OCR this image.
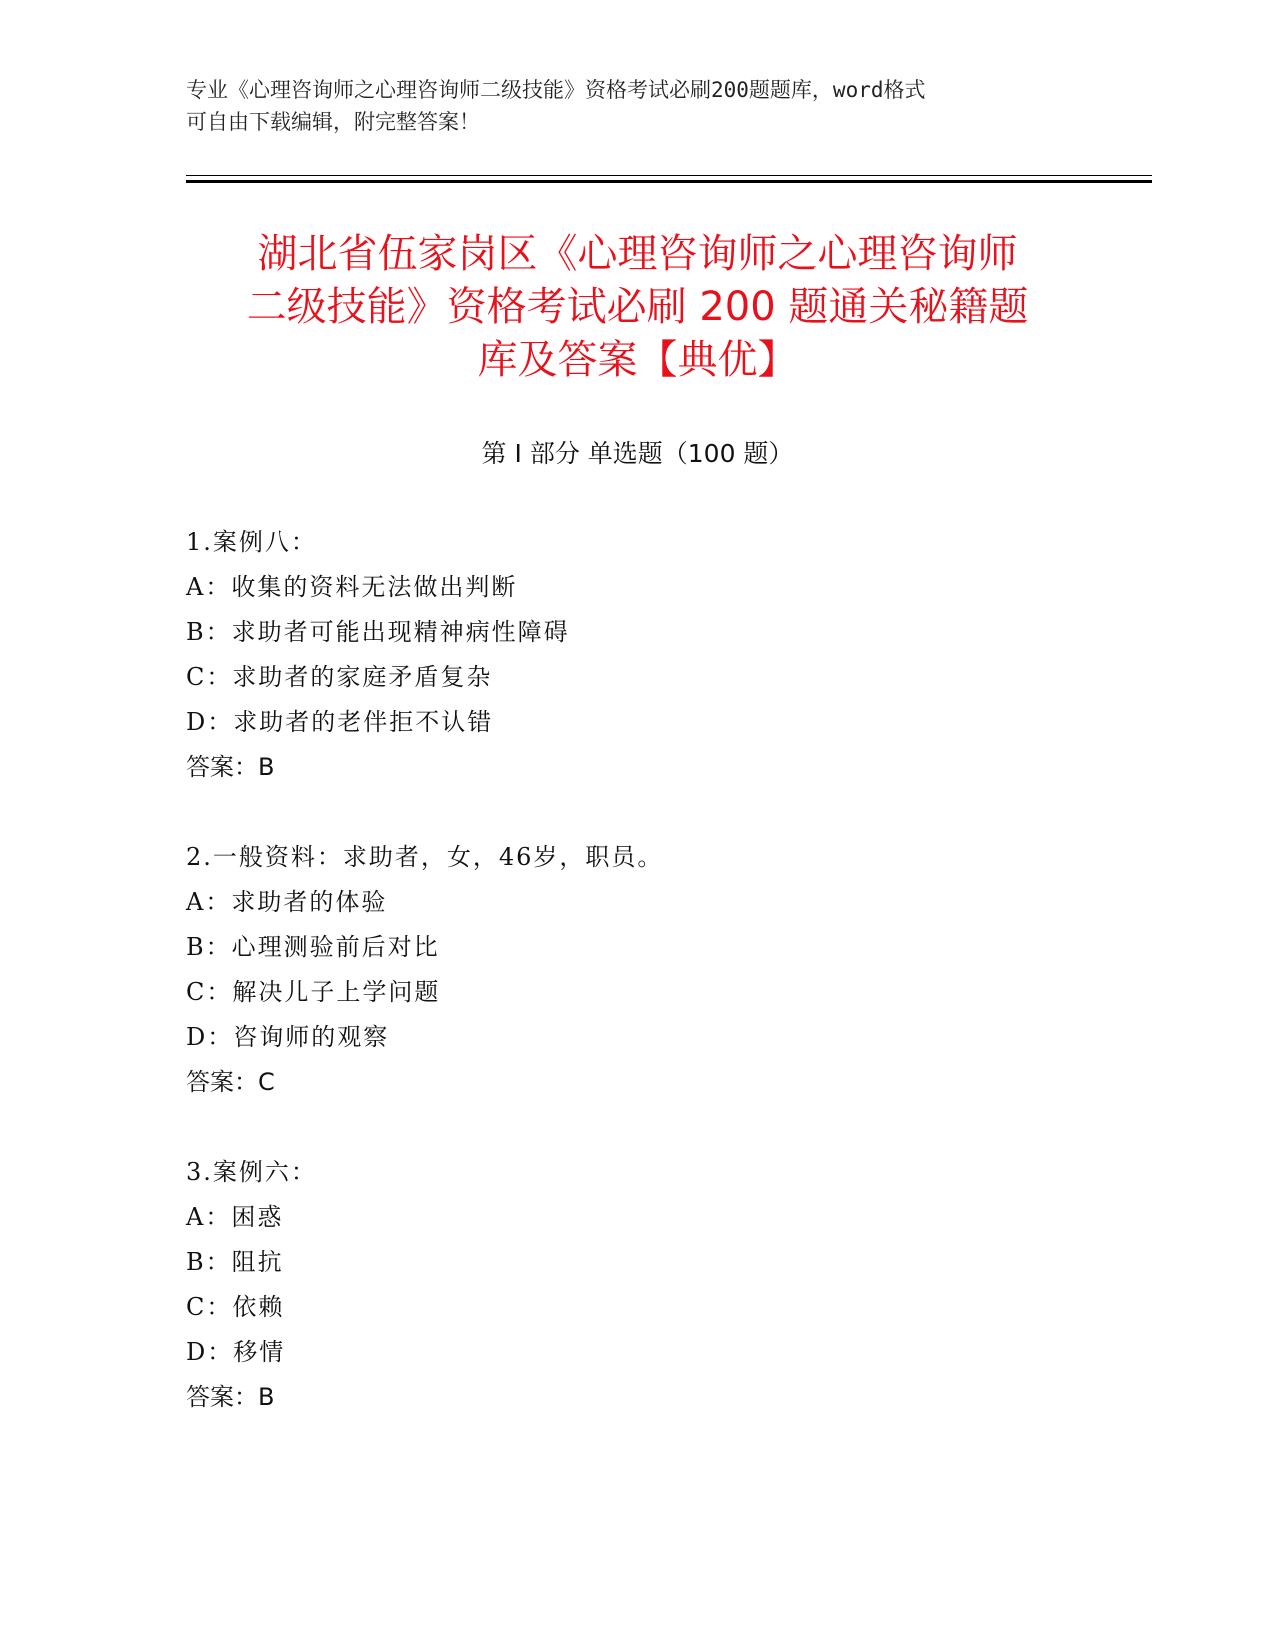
专业《心理咨询师之心理咨询师二级技能》资格考试必刷200题题库，word格式
可自由下载编辑，附完整答案！
湖北省伍家岗区《心理咨询师之心理咨询师
二级技能》资格考试必刷 200 题通关秘籍题
库及答案【典优】
第 I 部分 单选题（100 题）
1.案例八：
A：收集的资料无法做出判断
B：求助者可能出现精神病性障碍
C：求助者的家庭矛盾复杂
D：求助者的老伴拒不认错
答案：B
2.一般资料：求助者，女，46岁，职员。
A：求助者的体验
B：心理测验前后对比
C：解决儿子上学问题
D：咨询师的观察
答案：C
3.案例六：
A：困惑
B：阻抗
C：依赖
D：移情
答案：B
